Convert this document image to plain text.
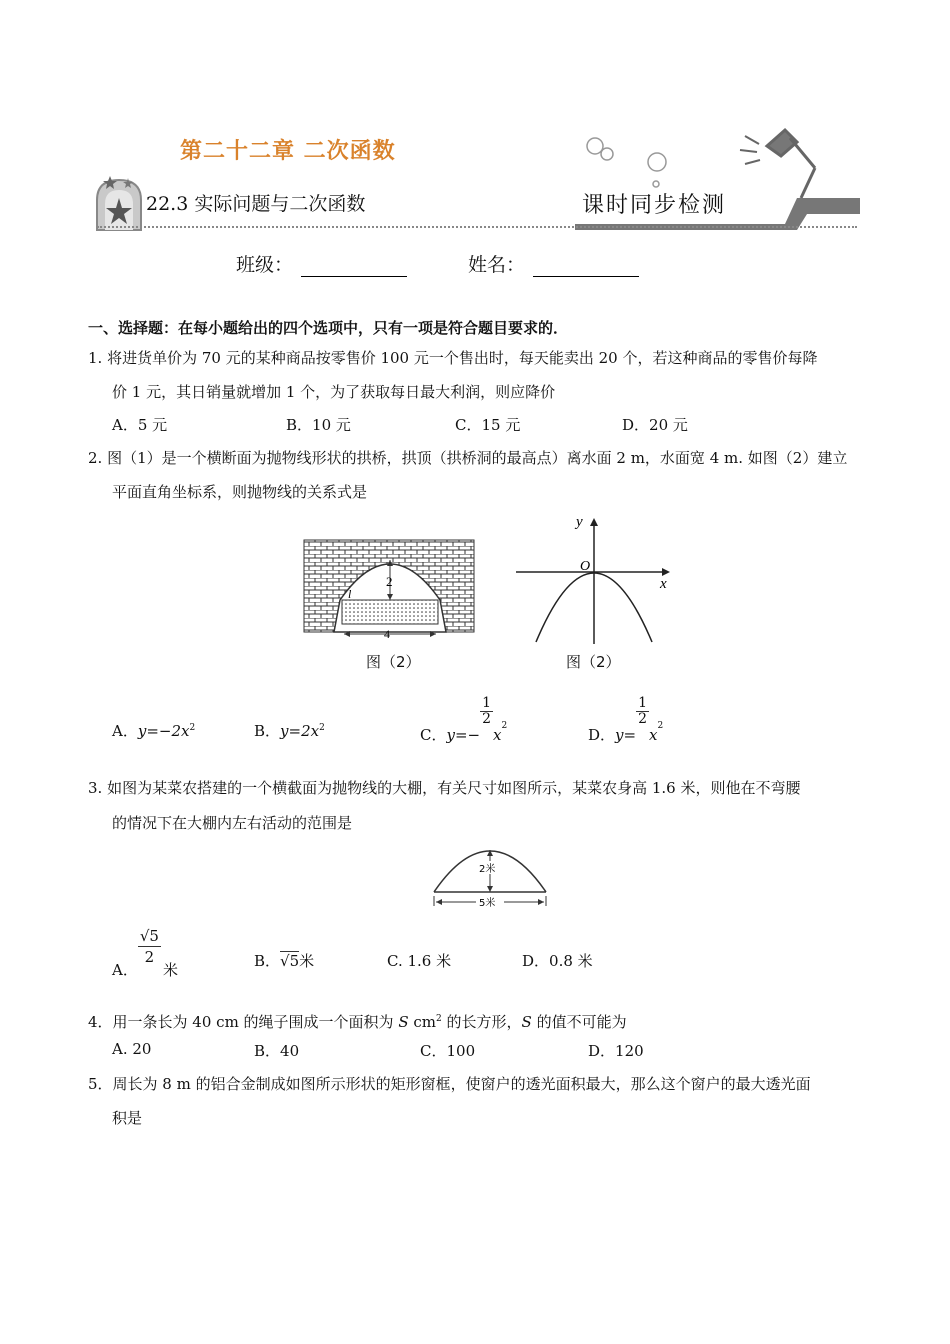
第二十二章 二次函数
22.3 实际问题与二次函数	课时同步检测
班级：	姓名：
一、选择题：在每小题给出的四个选项中，只有一项是符合题目要求的．
1. 将进货单价为 70 元的某种商品按零售价 100 元一个售出时，每天能卖出 20 个，若这种商品的零售价每降
价 1 元，其日销量就增加 1 个，为了获取每日最大利润，则应降价
A．5 元	B．10 元	C．15 元	D．20 元
2. 图（1）是一个横断面为抛物线形状的拱桥，拱顶（拱桥洞的最高点）离水面 2 m，水面宽 4 m. 如图（2）建立
平面直角坐标系，则抛物线的关系式是
2
4
l
图（2）
y
x
O
图（2）
A．$y=-2x^2$	B．$y=2x^2$	C．y=−
$\frac{1}{2}$
$x^2$	D．y=
$\frac{1}{2}$
$x^2$
3. 如图为某菜农搭建的一个横截面为抛物线的大棚，有关尺寸如图所示，某菜农身高 1.6 米，则他在不弯腰
的情况下在大棚内左右活动的范围是
2米
5米
A．
$\frac{√5}{2}$
米	B．√5米	C. 1.6 米	D．0.8 米
4．用一条长为 40 cm 的绳子围成一个面积为 S $cm^2$ 的长方形，S 的值不可能为
A. 20	B．40	C．100	D．120
5．周长为 8 m 的铝合金制成如图所示形状的矩形窗框，使窗户的透光面积最大，那么这个窗户的最大透光面
积是
